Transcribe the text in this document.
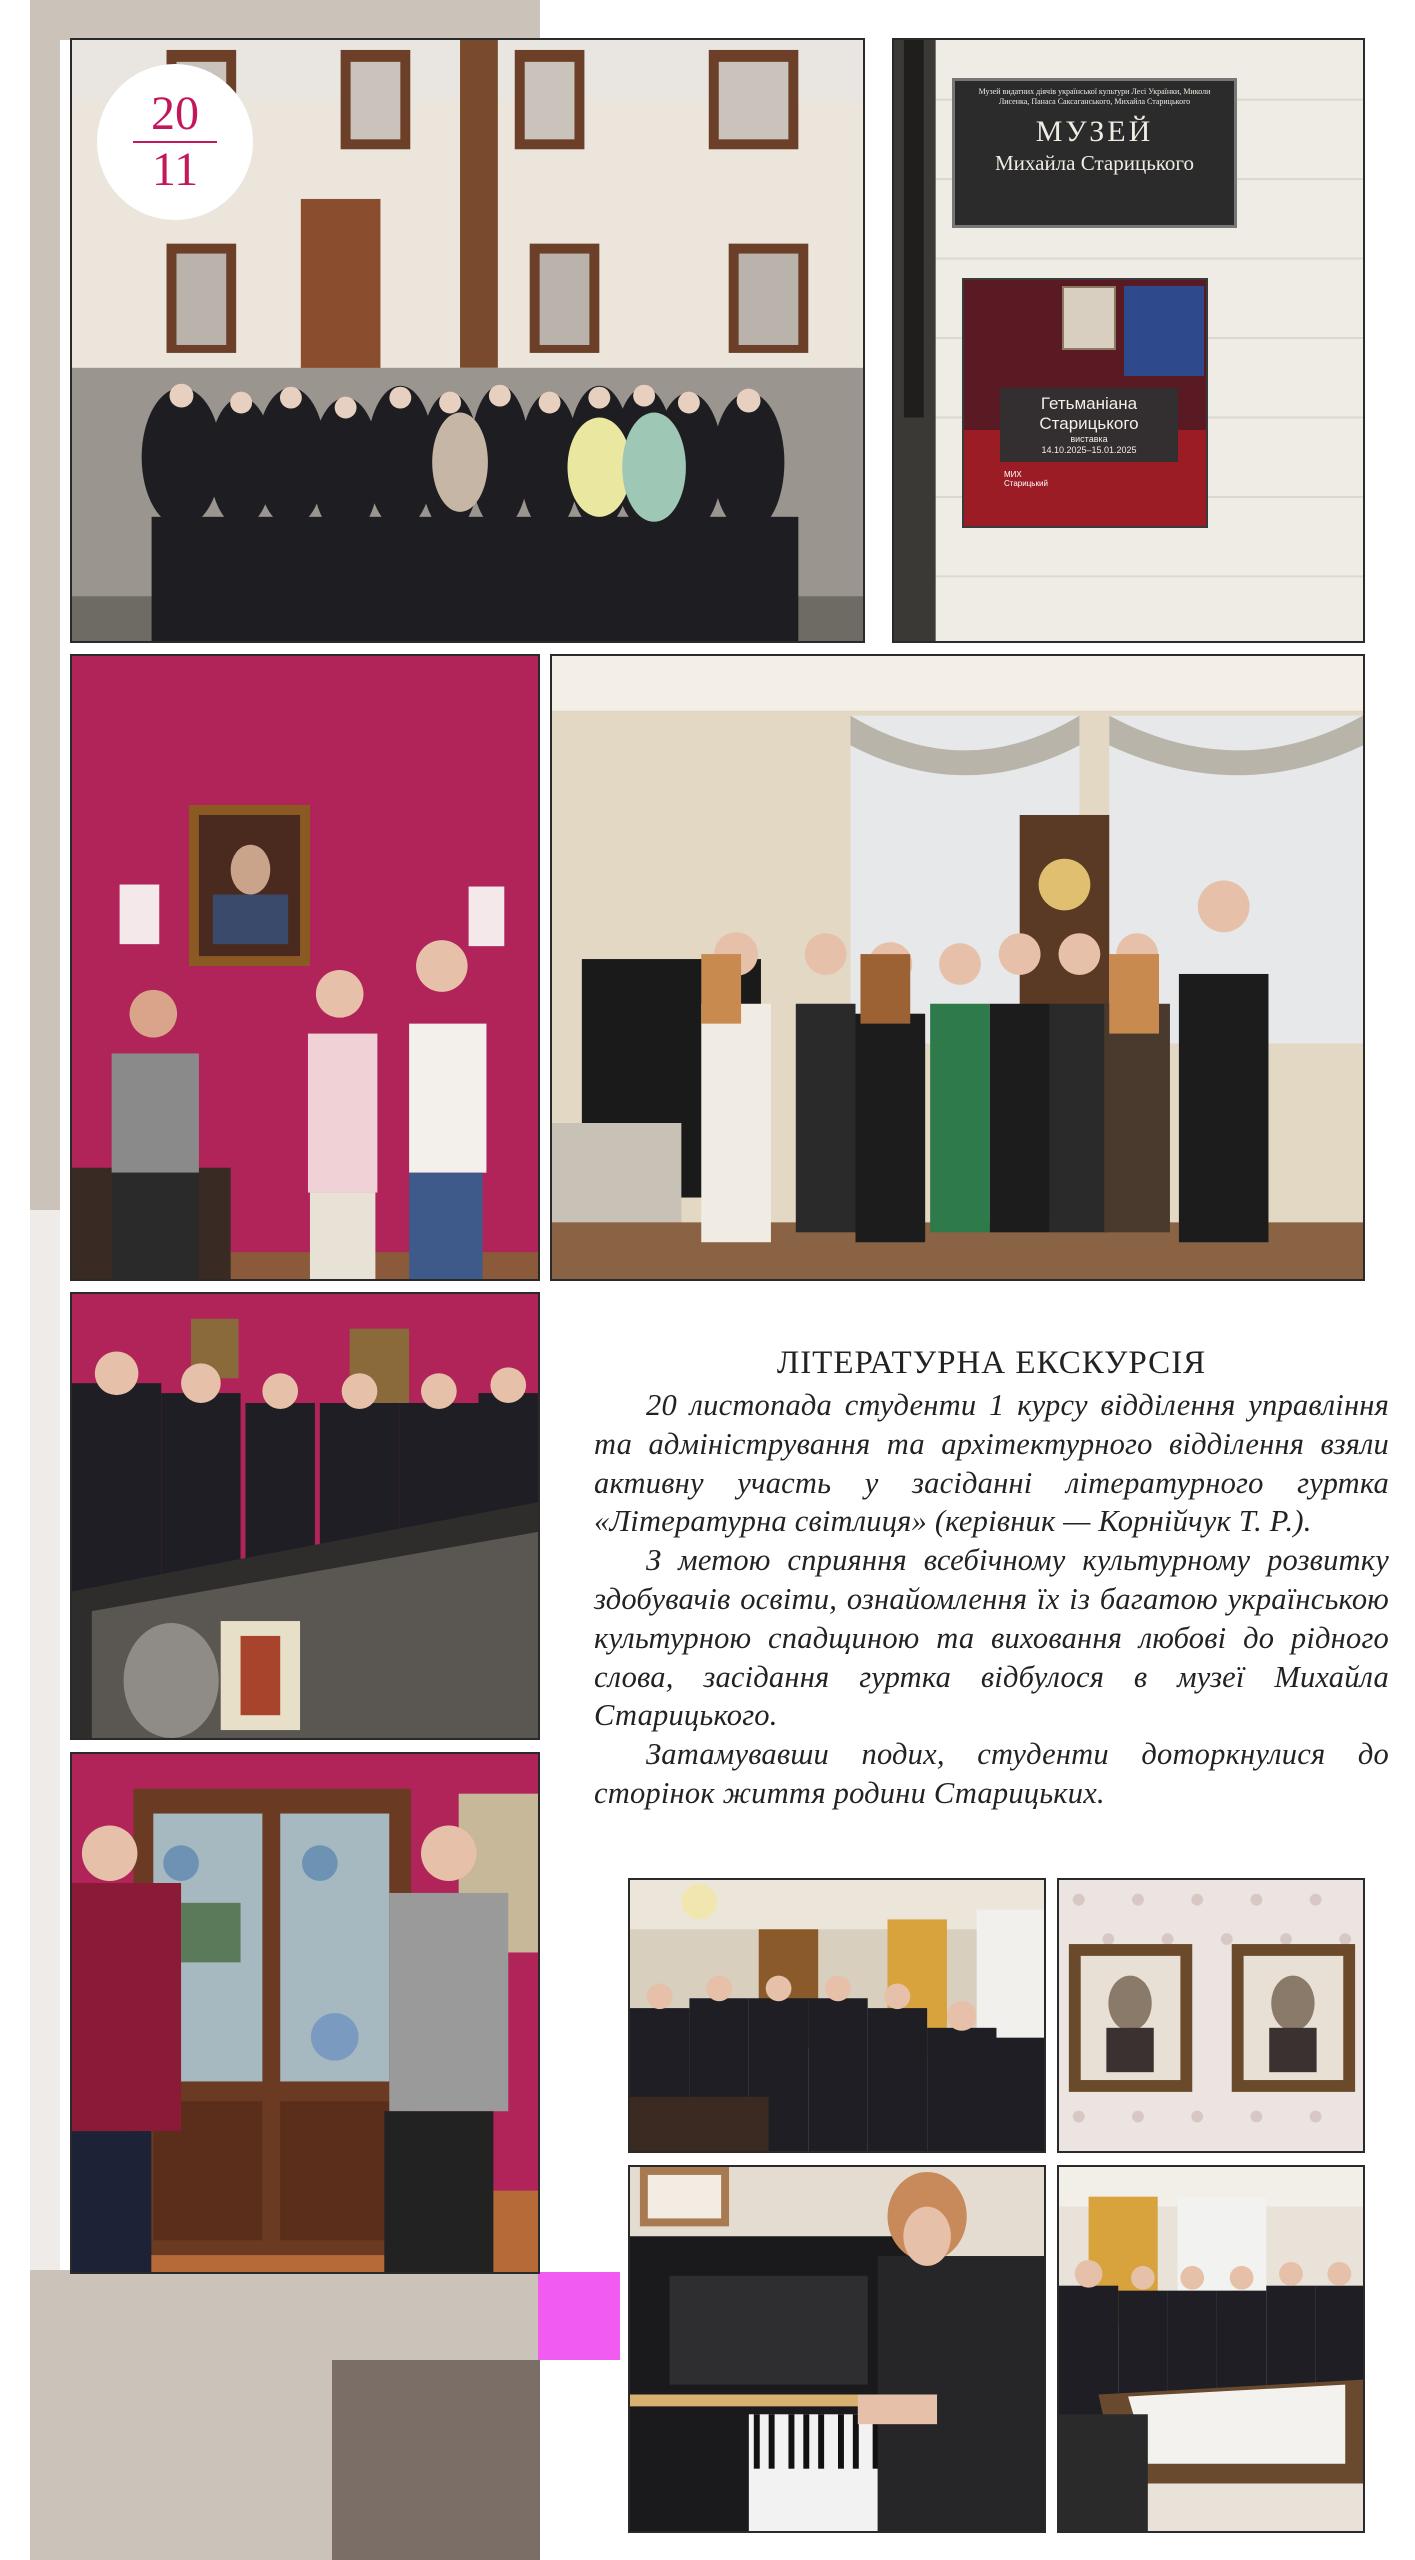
20
11
Музей видатних діячів української культури Лесі Українки, Миколи Лисенка, Панаса Саксаганського, Михайла Старицького
МУЗЕЙ
Михайла Старицького
Гетьманіана Старицького
виставка
14.10.2025–15.01.2025
МИХ Старицький
ЛІТЕРАТУРНА ЕКСКУРСІЯ

20 листопада студенти 1 курсу відділення управління та адміністрування та архітектурного відділення взяли активну участь у засіданні літературного гуртка «Літературна світлиця» (керівник — Корнійчук Т. Р.).

З метою сприяння всебічному культурному розвитку здобувачів освіти, ознайомлення їх із багатою українською культурною спадщиною та виховання любові до рідного слова, засідання гуртка відбулося в музеї Михайла Старицького.

Затамувавши подих, студенти доторкнулися до сторінок життя родини Старицьких.
